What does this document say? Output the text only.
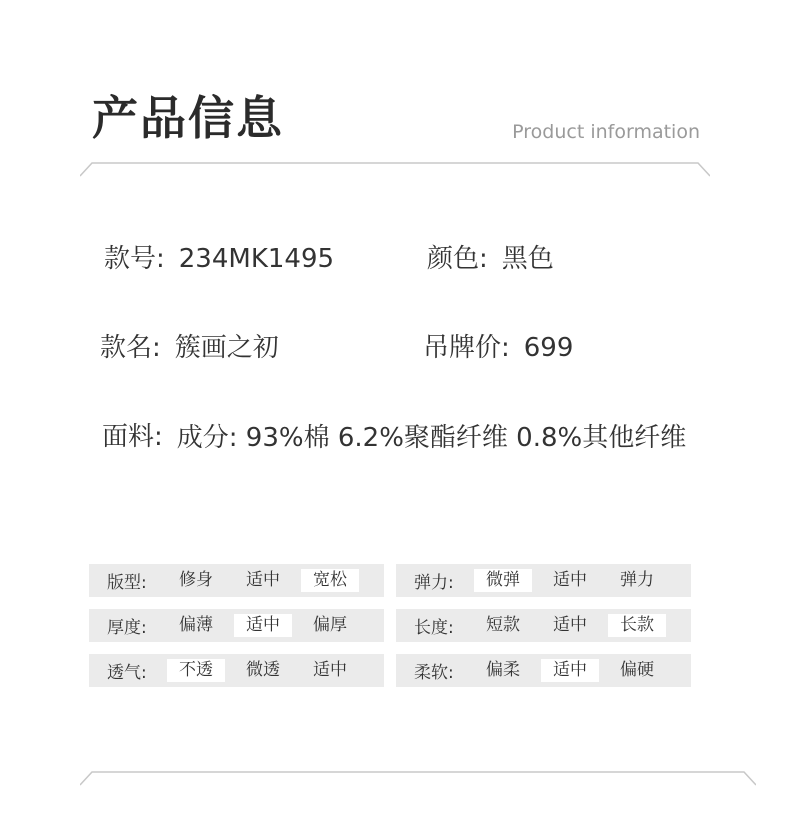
产品信息	Product information
款号: 234MK1495	颜色: 黑色
款名: 簇画之初	吊牌价: 699
面料: 成分: 93%棉 6.2%聚酯纤维 0.8%其他纤维
版型:	修身	适中	宽松	弹力:	微弹	适中	弹力
厚度:	偏薄	适中	偏厚	长度:	短款	适中	长款
透气:	不透	微透	适中	柔软:	偏柔	适中	偏硬
